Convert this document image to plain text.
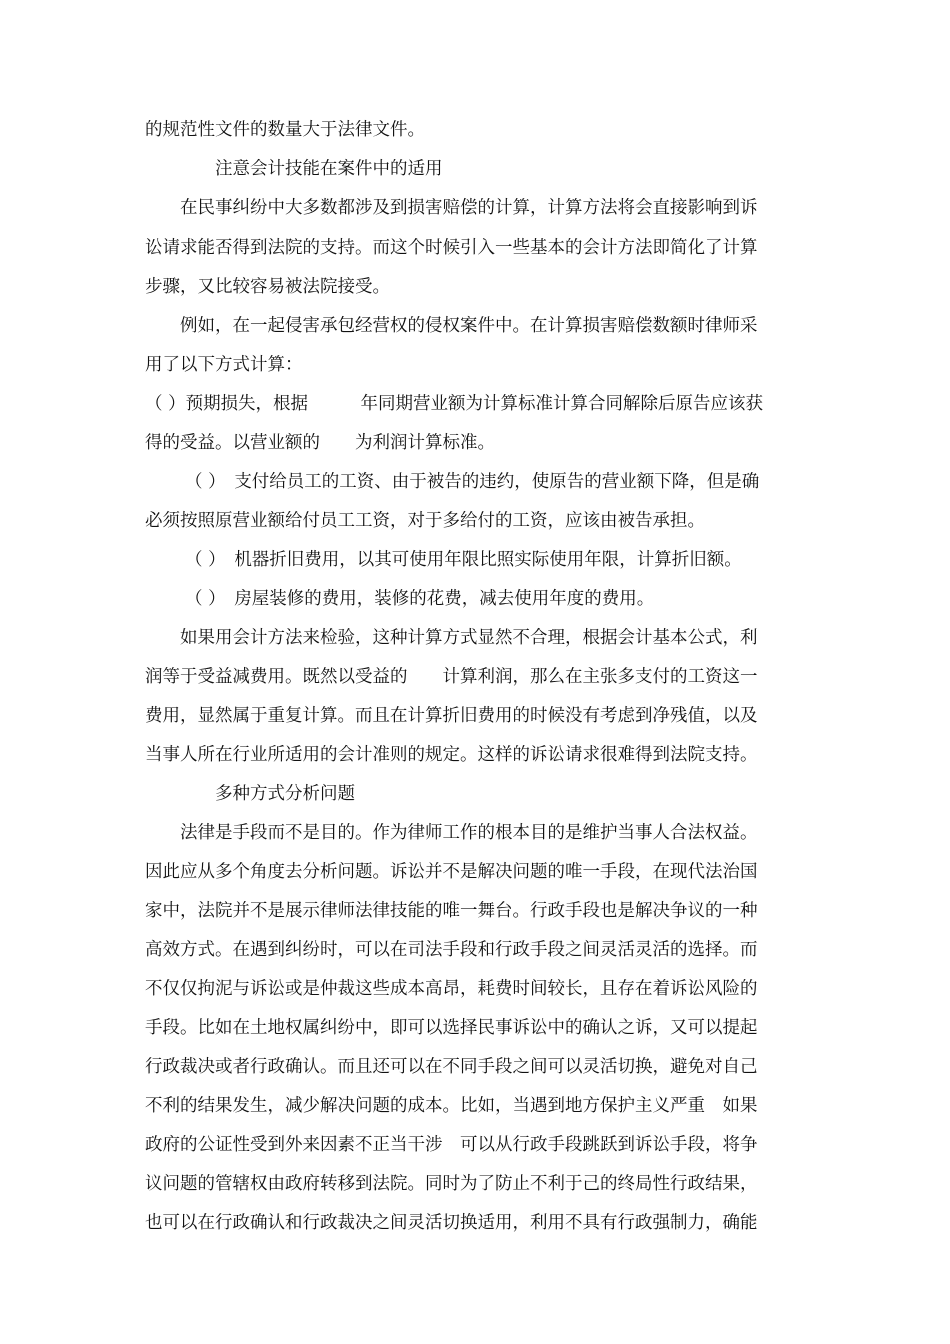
的规范性文件的数量大于法律文件。

注意会计技能在案件中的适用

在民事纠纷中大多数都涉及到损害赔偿的计算，计算方法将会直接影响到诉

讼请求能否得到法院的支持。而这个时候引入一些基本的会计方法即简化了计算

步骤，又比较容易被法院接受。

例如，在一起侵害承包经营权的侵权案件中。在计算损害赔偿数额时律师采

用了以下方式计算：

（ ）预期损失，根据　　　年同期营业额为计算标准计算合同解除后原告应该获

得的受益。以营业额的　　为利润计算标准。

（ ）　支付给员工的工资、由于被告的违约，使原告的营业额下降，但是确

必须按照原营业额给付员工工资，对于多给付的工资，应该由被告承担。

（ ）　机器折旧费用，以其可使用年限比照实际使用年限，计算折旧额。

（ ）　房屋装修的费用，装修的花费，减去使用年度的费用。

如果用会计方法来检验，这种计算方式显然不合理，根据会计基本公式，利

润等于受益减费用。既然以受益的　　计算利润，那么在主张多支付的工资这一

费用，显然属于重复计算。而且在计算折旧费用的时候没有考虑到净残值，以及

当事人所在行业所适用的会计准则的规定。这样的诉讼请求很难得到法院支持。

多种方式分析问题

法律是手段而不是目的。作为律师工作的根本目的是维护当事人合法权益。

因此应从多个角度去分析问题。诉讼并不是解决问题的唯一手段，在现代法治国

家中，法院并不是展示律师法律技能的唯一舞台。行政手段也是解决争议的一种

高效方式。在遇到纠纷时，可以在司法手段和行政手段之间灵活灵活的选择。而

不仅仅拘泥与诉讼或是仲裁这些成本高昂，耗费时间较长，且存在着诉讼风险的

手段。比如在土地权属纠纷中，即可以选择民事诉讼中的确认之诉，又可以提起

行政裁决或者行政确认。而且还可以在不同手段之间可以灵活切换，避免对自己

不利的结果发生，减少解决问题的成本。比如，当遇到地方保护主义严重　如果

政府的公证性受到外来因素不正当干涉　可以从行政手段跳跃到诉讼手段，将争

议问题的管辖权由政府转移到法院。同时为了防止不利于己的终局性行政结果，

也可以在行政确认和行政裁决之间灵活切换适用，利用不具有行政强制力，确能
